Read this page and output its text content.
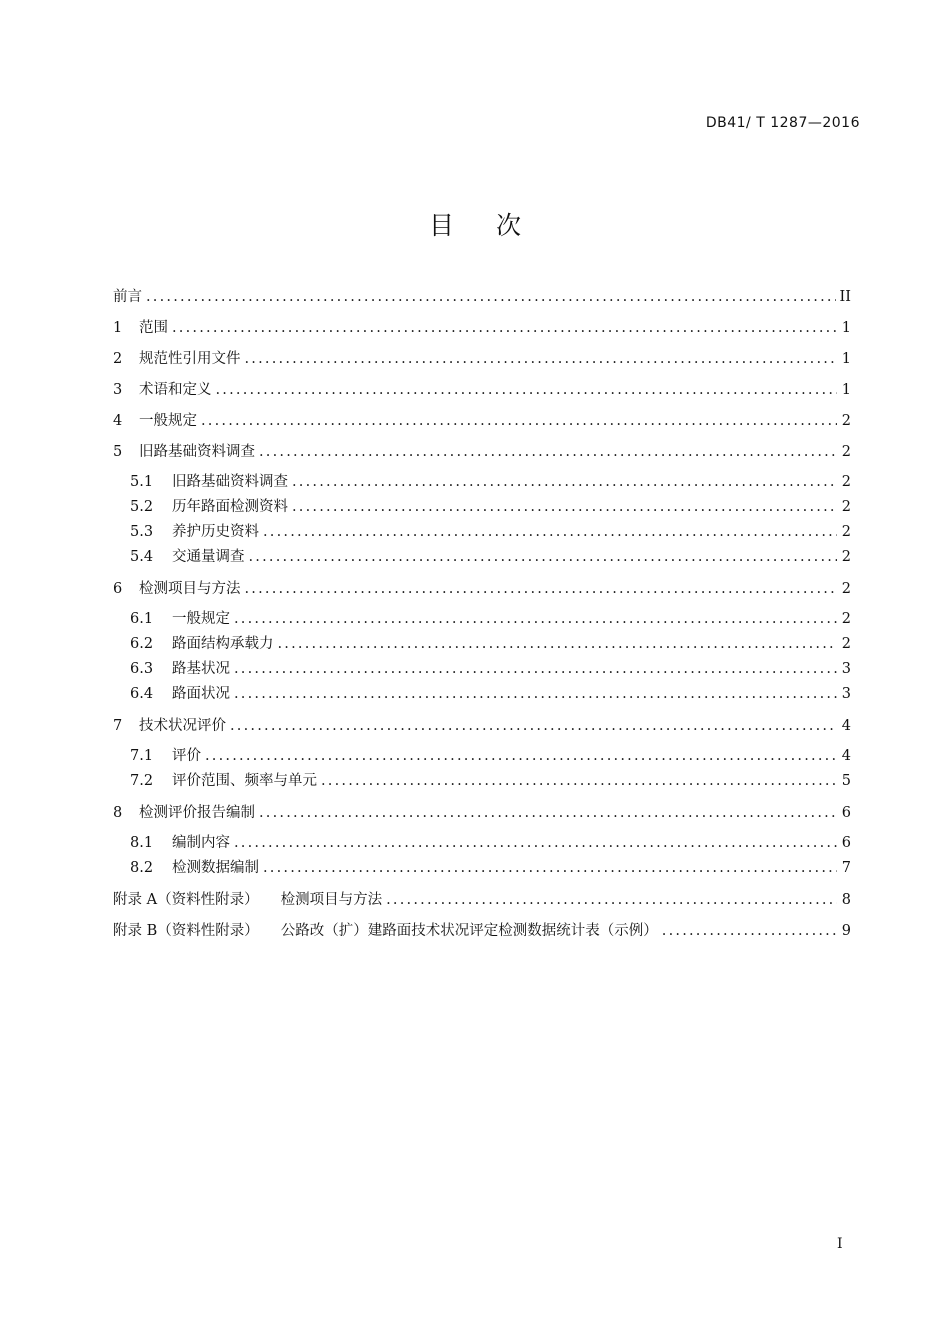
DB41/ T 1287—2016
目 次
前言 .....	II
1	范围 .....	1
2	规范性引用文件 .....	1
3	术语和定义 .....	1
4	一般规定 .....	2
5	旧路基础资料调查 .....	2
5.1	旧路基础资料调查 .....	2
5.2	历年路面检测资料 .....	2
5.3	养护历史资料 .....	2
5.4	交通量调查 .....	2
6	检测项目与方法 .....	2
6.1	一般规定 .....	2
6.2	路面结构承载力 .....	2
6.3	路基状况 .....	3
6.4	路面状况 .....	3
7	技术状况评价 .....	4
7.1	评价 .....	4
7.2	评价范围、频率与单元 .....	5
8	检测评价报告编制 .....	6
8.1	编制内容 .....	6
8.2	检测数据编制 .....	7
附录 A（资料性附录） 检测项目与方法 .....	8
附录 B（资料性附录） 公路改（扩）建路面技术状况评定检测数据统计表（示例） .....	9
I
